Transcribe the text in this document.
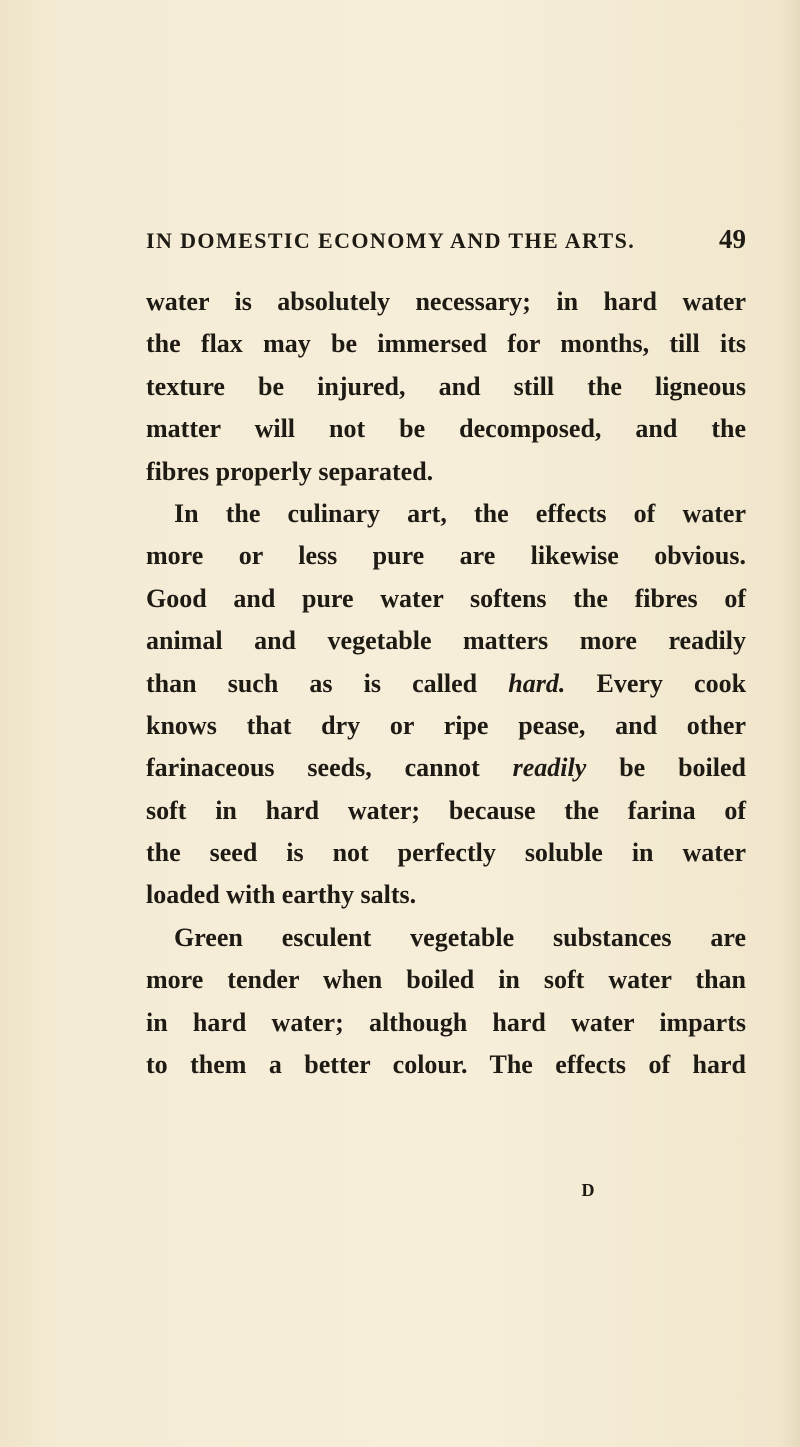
IN DOMESTIC ECONOMY AND THE ARTS.	49
water is absolutely necessary; in hard water
the flax may be immersed for months, till its
texture be injured, and still the ligneous
matter will not be decomposed, and the
fibres properly separated.
In the culinary art, the effects of water
more or less pure are likewise obvious.
Good and pure water softens the fibres of
animal and vegetable matters more readily
than such as is called hard. Every cook
knows that dry or ripe pease, and other
farinaceous seeds, cannot readily be boiled
soft in hard water; because the farina of
the seed is not perfectly soluble in water
loaded with earthy salts.
Green esculent vegetable substances are
more tender when boiled in soft water than
in hard water; although hard water imparts
to them a better colour. The effects of hard
D
